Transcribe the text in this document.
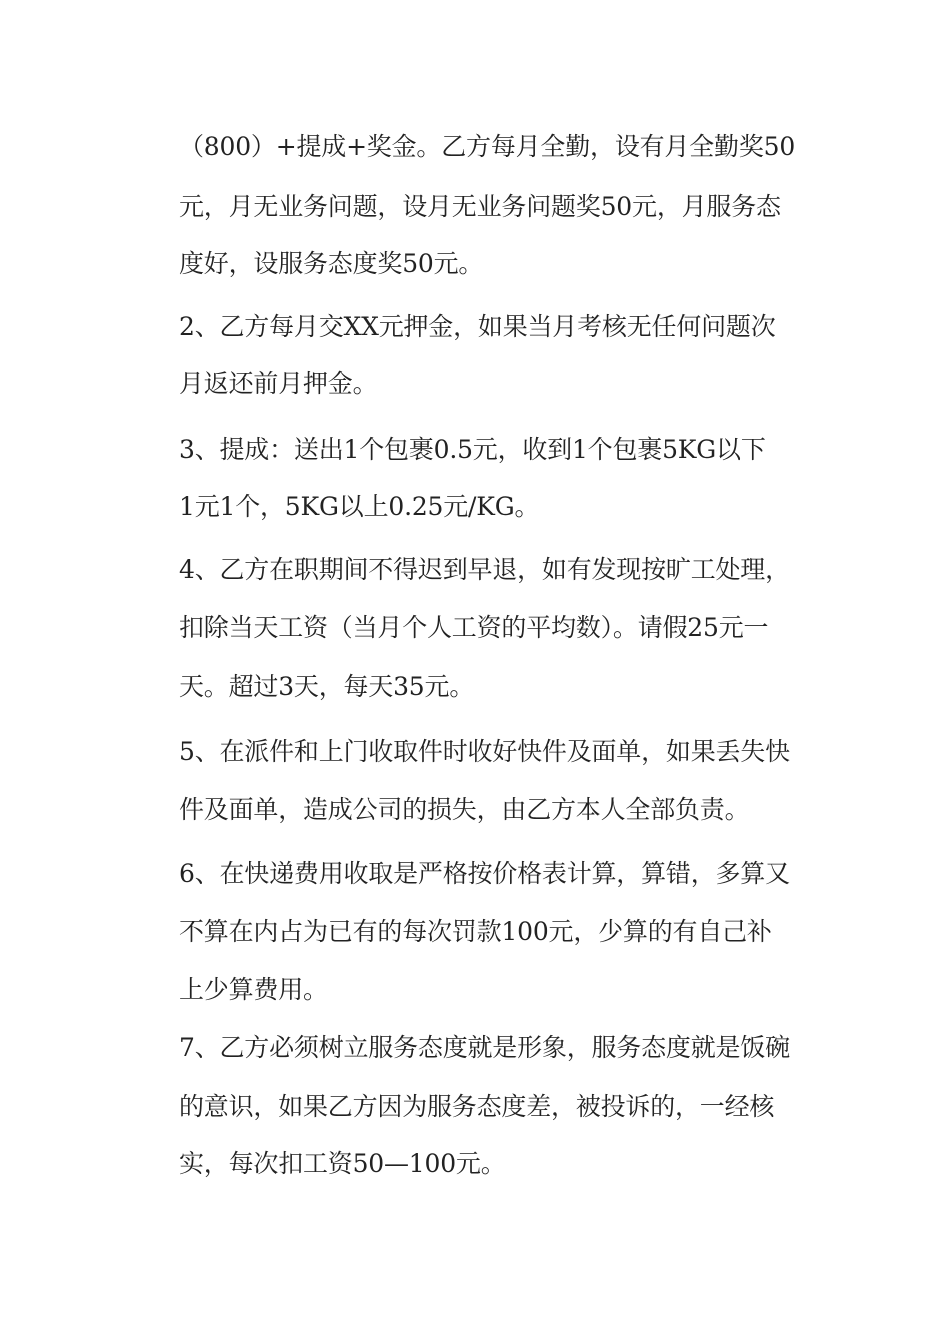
（800）+提成+奖金。乙方每月全勤，设有月全勤奖50
元，月无业务问题，设月无业务问题奖50元，月服务态
度好，设服务态度奖50元。
2、乙方每月交XX元押金，如果当月考核无任何问题次
月返还前月押金。
3、提成：送出1个包裹0.5元，收到1个包裹5KG以下
1元1个，5KG以上0.25元/KG。
4、乙方在职期间不得迟到早退，如有发现按旷工处理，
扣除当天工资（当月个人工资的平均数）。请假25元一
天。超过3天，每天35元。
5、在派件和上门收取件时收好快件及面单，如果丢失快
件及面单，造成公司的损失，由乙方本人全部负责。
6、在快递费用收取是严格按价格表计算，算错，多算又
不算在内占为已有的每次罚款100元，少算的有自己补
上少算费用。
7、乙方必须树立服务态度就是形象，服务态度就是饭碗
的意识，如果乙方因为服务态度差，被投诉的，一经核
实，每次扣工资50—100元。
